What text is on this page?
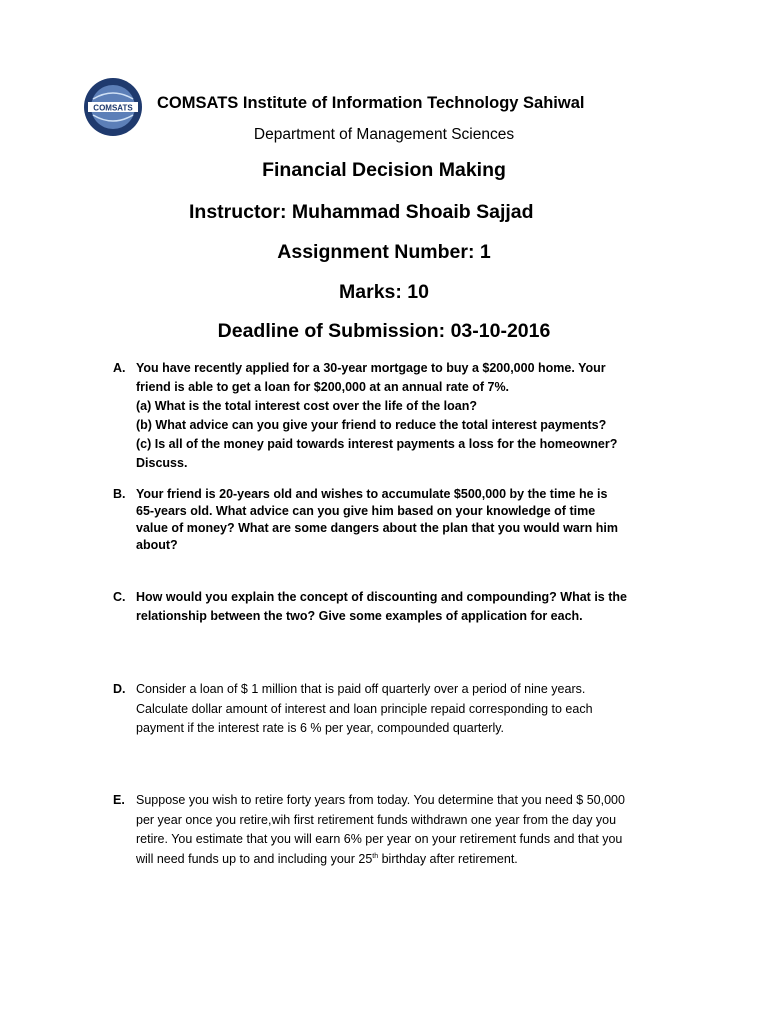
COMSATS COMSATS Institute of Information Technology Sahiwal
Department of Management Sciences
Financial Decision Making
Instructor: Muhammad Shoaib Sajjad
Assignment Number: 1
Marks: 10
Deadline of Submission: 03-10-2016
A. You have recently applied for a 30-year mortgage to buy a $200,000 home. Your
friend is able to get a loan for $200,000 at an annual rate of 7%.
(a) What is the total interest cost over the life of the loan?
(b) What advice can you give your friend to reduce the total interest payments?
(c) Is all of the money paid towards interest payments a loss for the homeowner?
Discuss.
B. Your friend is 20-years old and wishes to accumulate $500,000 by the time he is
65-years old. What advice can you give him based on your knowledge of time
value of money? What are some dangers about the plan that you would warn him
about?
C. How would you explain the concept of discounting and compounding? What is the
relationship between the two? Give some examples of application for each.
D. Consider a loan of $ 1 million that is paid off quarterly over a period of nine years.
Calculate dollar amount of interest and loan principle repaid corresponding to each
payment if the interest rate is 6 % per year, compounded quarterly.
E. Suppose you wish to retire forty years from today. You determine that you need $ 50,000
per year once you retire,wih first retirement funds withdrawn one year from the day you
retire. You estimate that you will earn 6% per year on your retirement funds and that you
will need funds up to and including your 25th birthday after retirement.
